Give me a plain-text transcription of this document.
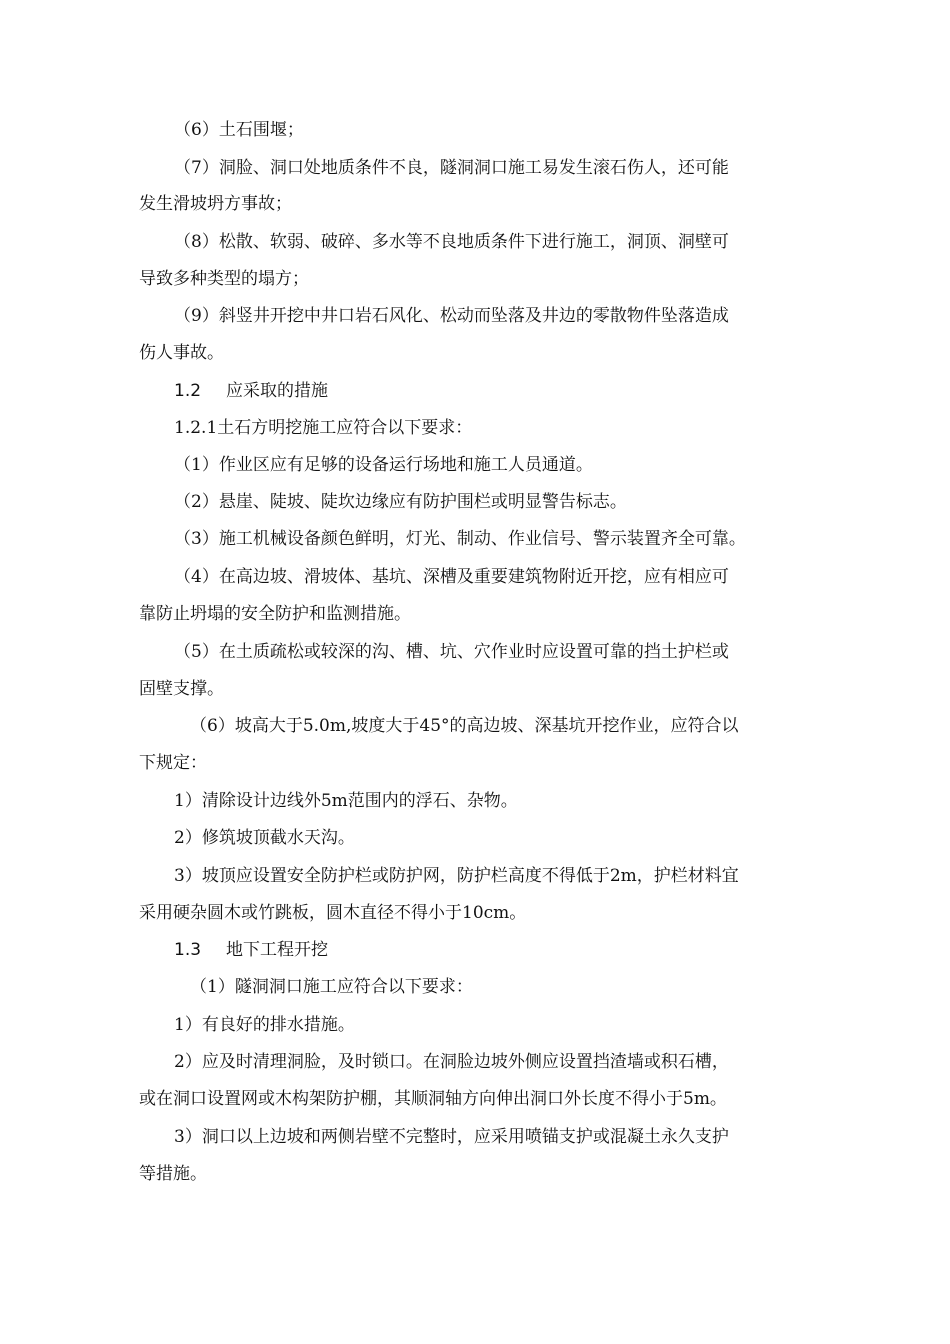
（6）土石围堰；
（7）洞脸、洞口处地质条件不良，隧洞洞口施工易发生滚石伤人，还可能
发生滑坡坍方事故；
（8）松散、软弱、破碎、多水等不良地质条件下进行施工，洞顶、洞壁可
导致多种类型的塌方；
（9）斜竖井开挖中井口岩石风化、松动而坠落及井边的零散物件坠落造成
伤人事故。
1.2 应采取的措施
1.2.1土石方明挖施工应符合以下要求：
（1）作业区应有足够的设备运行场地和施工人员通道。
（2）悬崖、陡坡、陡坎边缘应有防护围栏或明显警告标志。
（3）施工机械设备颜色鲜明，灯光、制动、作业信号、警示装置齐全可靠。
（4）在高边坡、滑坡体、基坑、深槽及重要建筑物附近开挖，应有相应可
靠防止坍塌的安全防护和监测措施。
（5）在土质疏松或较深的沟、槽、坑、穴作业时应设置可靠的挡土护栏或
固壁支撑。
（6）坡高大于5.0m,坡度大于45°的高边坡、深基坑开挖作业，应符合以
下规定：
1）清除设计边线外5m范围内的浮石、杂物。
2）修筑坡顶截水天沟。
3）坡顶应设置安全防护栏或防护网，防护栏高度不得低于2m，护栏材料宜
采用硬杂圆木或竹跳板，圆木直径不得小于10cm。
1.3 地下工程开挖
（1）隧洞洞口施工应符合以下要求：
1）有良好的排水措施。
2）应及时清理洞脸，及时锁口。在洞脸边坡外侧应设置挡渣墙或积石槽，
或在洞口设置网或木构架防护棚，其顺洞轴方向伸出洞口外长度不得小于5m。
3）洞口以上边坡和两侧岩壁不完整时，应采用喷锚支护或混凝土永久支护
等措施。
